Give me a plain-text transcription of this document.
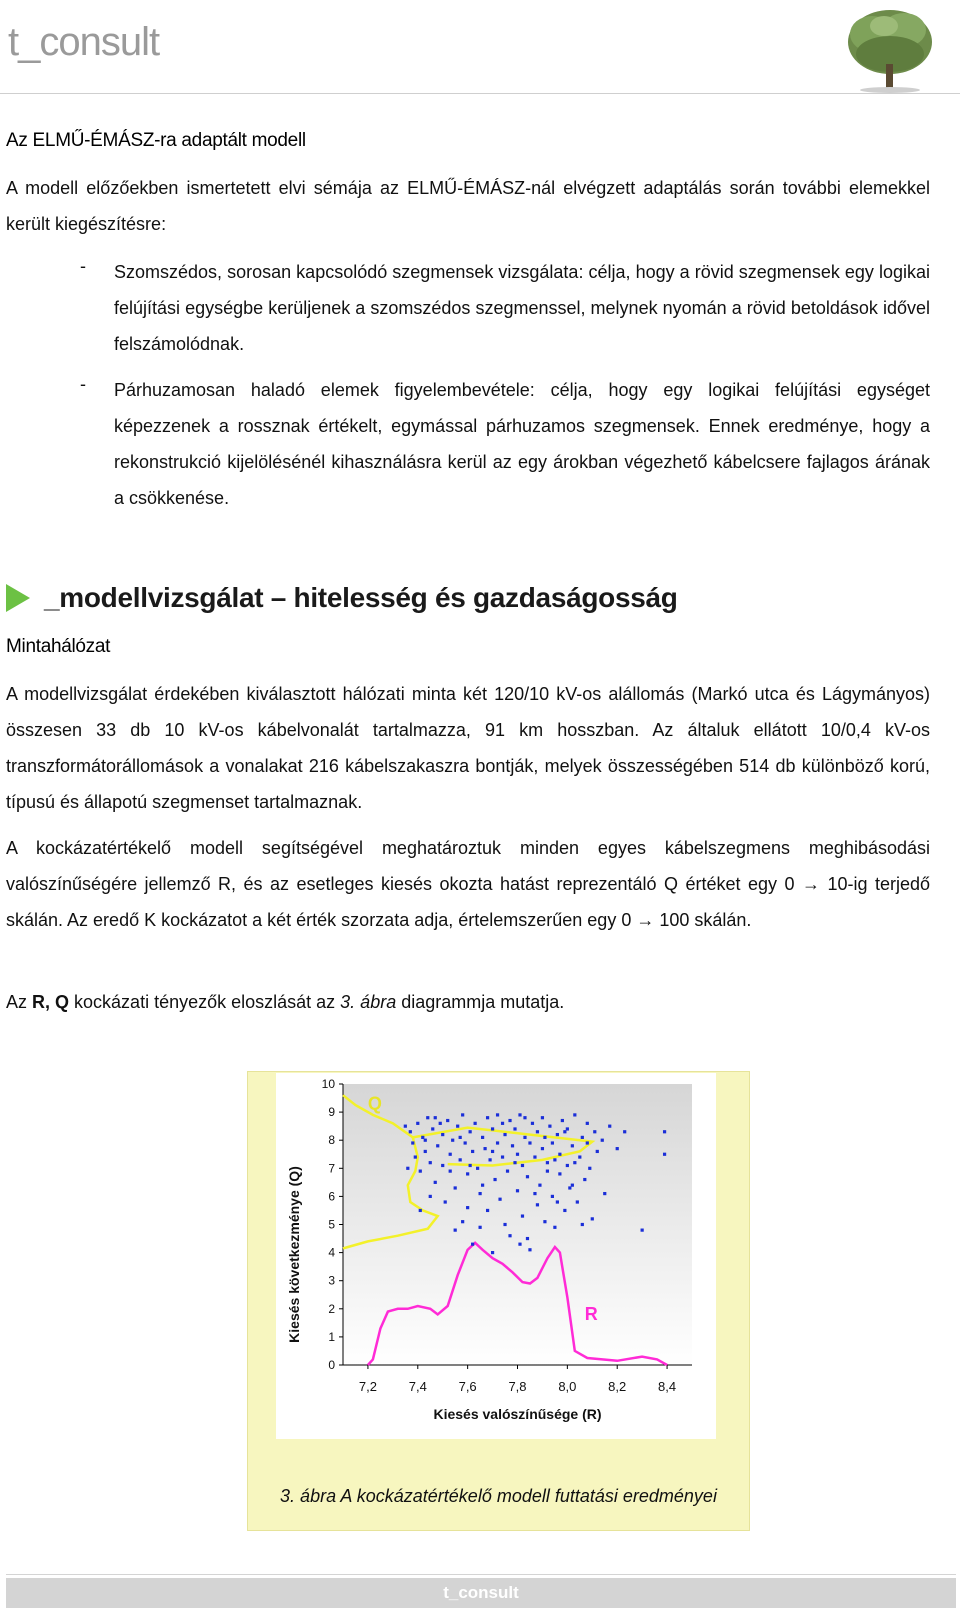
t_consult
Az ELMŰ-ÉMÁSZ-ra adaptált modell

A modell előzőekben ismertetett elvi sémája az ELMŰ-ÉMÁSZ-nál elvégzett adaptálás során további elemekkel került kiegészítésre:

- Szomszédos, sorosan kapcsolódó szegmensek vizsgálata: célja, hogy a rövid szegmensek egy logikai felújítási egységbe kerüljenek a szomszédos szegmenssel, melynek nyomán a rövid betoldások idővel felszámolódnak.

- Párhuzamosan haladó elemek figyelembevétele: célja, hogy egy logikai felújítási egységet képezzenek a rossznak értékelt, egymással párhuzamos szegmensek. Ennek eredménye, hogy a rekonstrukció kijelölésénél kihasználásra kerül az egy árokban végezhető kábelcsere fajlagos árának a csökkenése.

_modellvizsgálat – hitelesség és gazdaságosság
Mintahálózat

A modellvizsgálat érdekében kiválasztott hálózati minta két 120/10 kV-os alállomás (Markó utca és Lágymányos) összesen 33 db 10 kV-os kábelvonalát tartalmazza, 91 km hosszban. Az általuk ellátott 10/0,4 kV-os transzformátorállomások a vonalakat 216 kábelszakaszra bontják, melyek összességében 514 db különböző korú, típusú és állapotú szegmenset tartalmaznak.

A kockázatértékelő modell segítségével meghatároztuk minden egyes kábelszegmens meghibásodási valószínűségére jellemző R, és az esetleges kiesés okozta hatást reprezentáló Q értéket egy 0 → 10-ig terjedő skálán. Az eredő K kockázatot a két érték szorzata adja, értelemszerűen egy 0 → 100 skálán.

Az R, Q kockázati tényezők eloszlását az 3. ábra diagrammja mutatja.

0
1
2
3
4
5
6
7
8
9
10
7,2 7,4 7,6 7,8 8,0 8,2 8,4
Kiesés valószínűsége (R)
Kiesés következménye (Q)
Q
R
3. ábra A kockázatértékelő modell futtatási eredményei
t_consult
